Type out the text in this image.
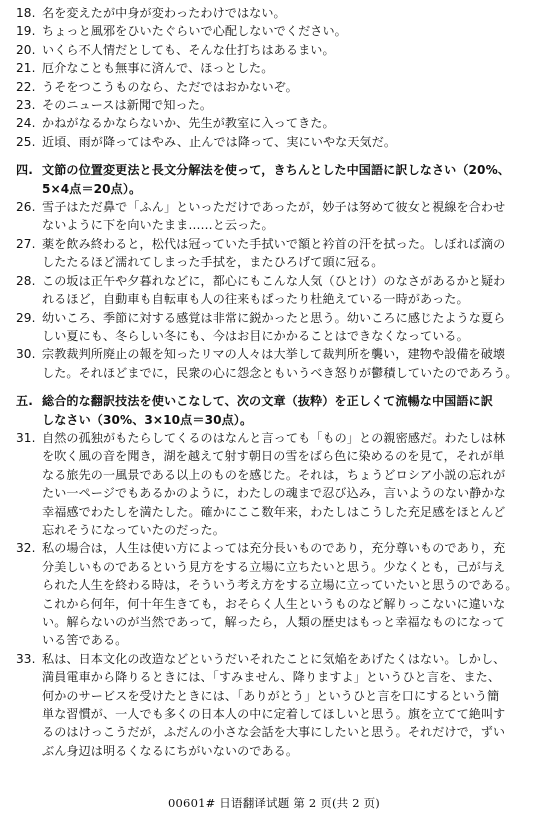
18. 名を変えたが中身が変わったわけではない。
19. ちょっと風邪をひいたぐらいで心配しないでください。
20. いくら不人情だとしても、そんな仕打ちはあるまい。
21. 厄介なことも無事に済んで、ほっとした。
22. うそをつこうものなら、ただではおかないぞ。
23. そのニュースは新聞で知った。
24. かねがなるかならないか、先生が教室に入ってきた。
25. 近頃、雨が降ってはやみ、止んでは降って、実にいやな天気だ。
四. 文節の位置変更法と長文分解法を使って，きちんとした中国語に訳しなさい（20%、
5×4点＝20点）。
26. 雪子はただ鼻で「ふん」といっただけであったが，妙子は努めて彼女と視線を合わせ
ないように下を向いたまま……と云った。
27. 薬を飲み終わると，松代は冠っていた手拭いで額と衿首の汗を拭った。しぼれば滴の
したたるほど濡れてしまった手拭を，またひろげて頭に冠る。
28. この坂は正午や夕暮れなどに，都心にもこんな人気（ひとけ）のなさがあるかと疑わ
れるほど，自動車も自転車も人の往来もぱったり杜絶えている一時があった。
29. 幼いころ、季節に対する感覚は非常に鋭かったと思う。幼いころに感じたような夏ら
しい夏にも、冬らしい冬にも、今はお目にかかることはできなくなっている。
30. 宗教裁判所廃止の報を知ったリマの人々は大挙して裁判所を襲い，建物や設備を破壊
した。それほどまでに，民衆の心に怨念ともいうべき怒りが鬱積していたのであろう。
五. 総合的な翻訳技法を使いこなして、次の文章（抜粋）を正しくて流暢な中国語に訳
しなさい（30%、3×10点＝30点）。
31. 自然の孤独がもたらしてくるのはなんと言っても「もの」との親密感だ。わたしは林
を吹く風の音を聞き，湖を越えて射す朝日の雪をばら色に染めるのを見て，それが単
なる旅先の一風景である以上のものを感じた。それは，ちょうどロシア小説の忘れが
たい一ページでもあるかのように，わたしの魂まで忍び込み，言いようのない静かな
幸福感でわたしを満たした。確かにここ数年来，わたしはこうした充足感をほとんど
忘れそうになっていたのだった。
32. 私の場合は，人生は使い方によっては充分長いものであり，充分尊いものであり，充
分美しいものであるという見方をする立場に立ちたいと思う。少なくとも，己が与え
られた人生を終わる時は，そういう考え方をする立場に立っていたいと思うのである。
これから何年，何十年生きても，おそらく人生というものなど解りっこないに違いな
い。解らないのが当然であって，解ったら，人類の歴史はもっと幸福なものになって
いる筈である。
33. 私は、日本文化の改造などというだいそれたことに気焔をあげたくはない。しかし、
満員電車から降りるときには、「すみません、降りますよ」というひと言を、また、
何かのサービスを受けたときには、「ありがとう」というひと言を口にするという簡
単な習慣が、一人でも多くの日本人の中に定着してほしいと思う。旗を立てて絶叫す
るのはけっこうだが，ふだんの小さな会話を大事にしたいと思う。それだけで，ずい
ぶん身辺は明るくなるにちがいないのである。
00601# 日语翻译试题 第 2 页(共 2 页)
